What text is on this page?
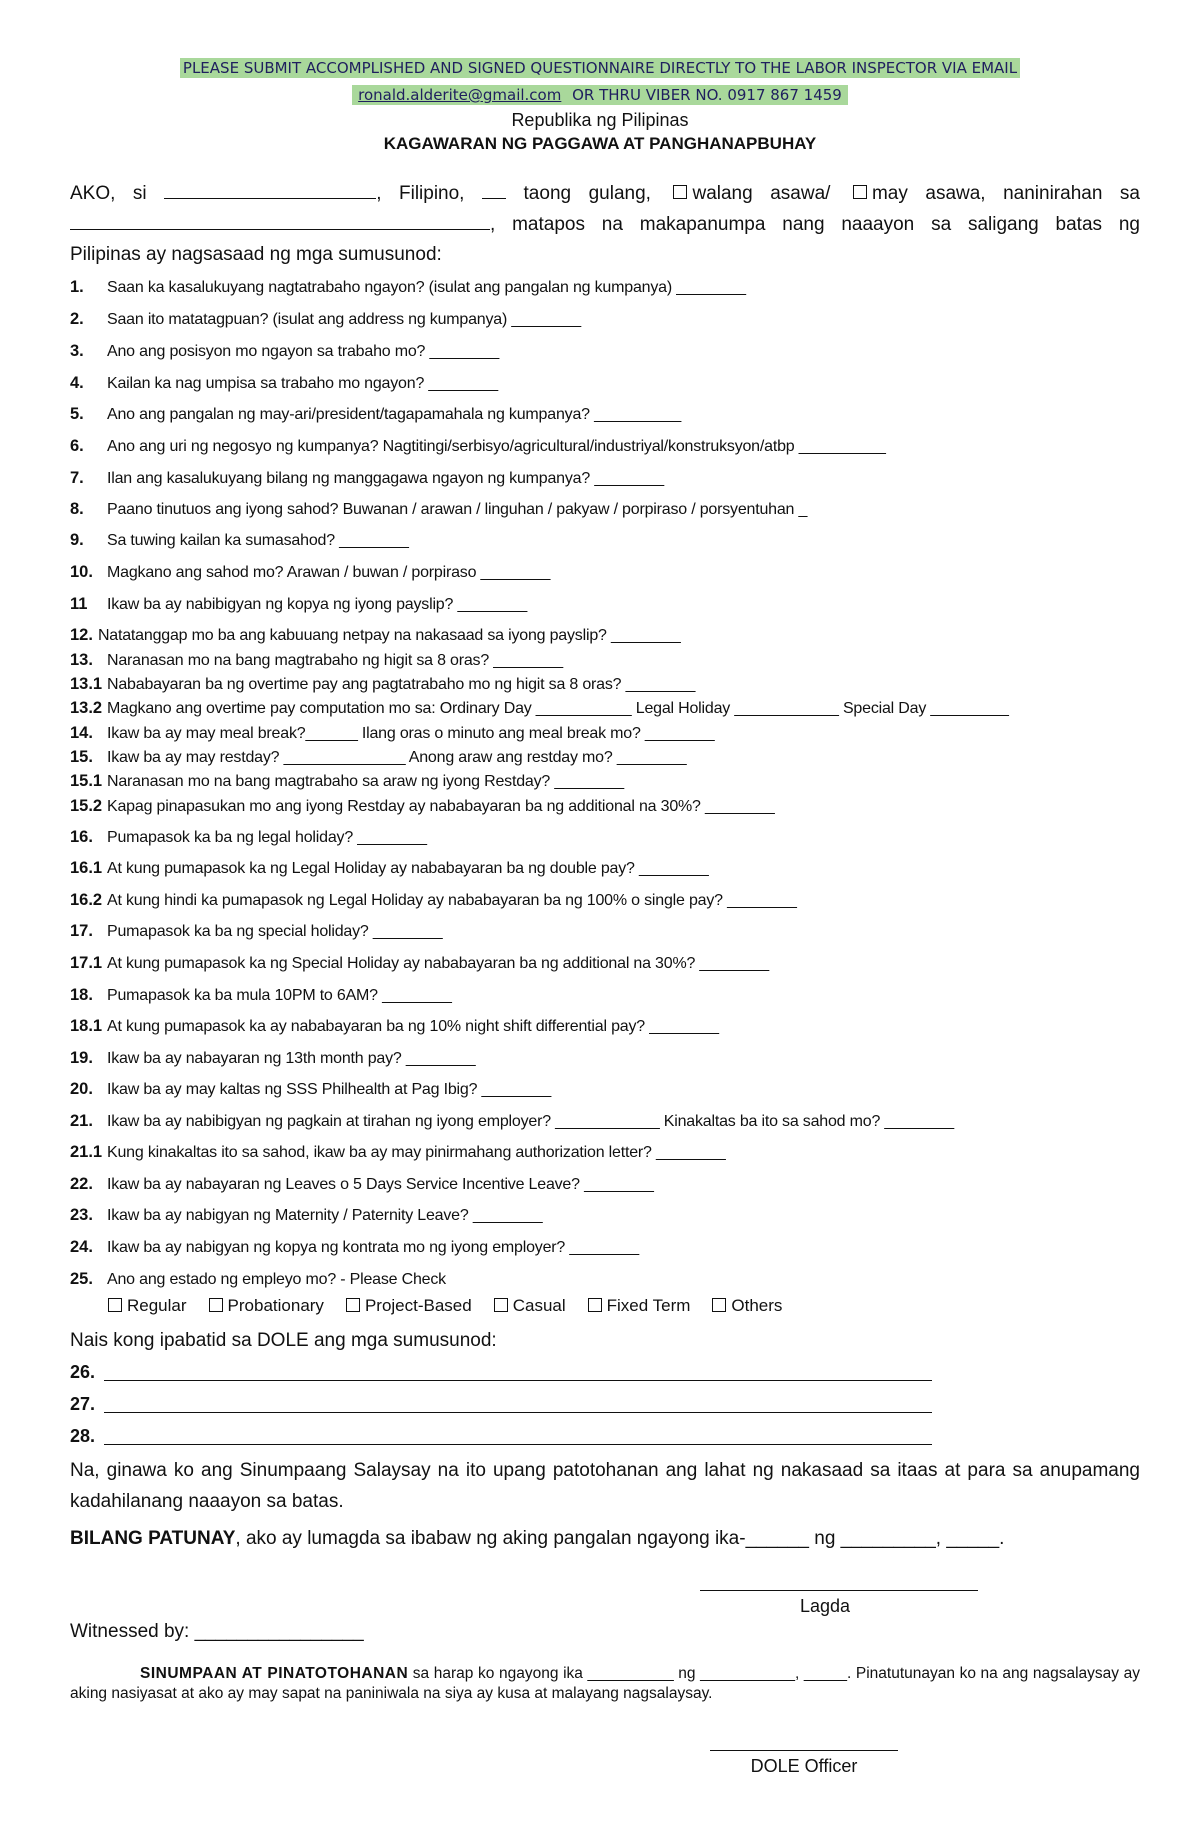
PLEASE SUBMIT ACCOMPLISHED AND SIGNED QUESTIONNAIRE DIRECTLY TO THE LABOR INSPECTOR VIA EMAIL
ronald.alderite@gmail.com OR THRU VIBER NO. 0917 867 1459
Republika ng Pilipinas
KAGAWARAN NG PAGGAWA AT PANGHANAPBUHAY
AKO, si	, Filipino,	taong gulang, walang asawa/ may asawa, naninirahan sa
, matapos na makapanumpa nang naaayon sa saligang batas ng
Pilipinas ay nagsasaad ng mga sumusunod:
1. Saan ka kasalukuyang nagtatrabaho ngayon? (isulat ang pangalan ng kumpanya) ________
2. Saan ito matatagpuan? (isulat ang address ng kumpanya) ________
3. Ano ang posisyon mo ngayon sa trabaho mo? ________
4. Kailan ka nag umpisa sa trabaho mo ngayon? ________
5. Ano ang pangalan ng may-ari/president/tagapamahala ng kumpanya? __________
6. Ano ang uri ng negosyo ng kumpanya? Nagtitingi/serbisyo/agricultural/industriyal/konstruksyon/atbp __________
7. Ilan ang kasalukuyang bilang ng manggagawa ngayon ng kumpanya? ________
8. Paano tinutuos ang iyong sahod? Buwanan / arawan / linguhan / pakyaw / porpiraso / porsyentuhan _
9. Sa tuwing kailan ka sumasahod? ________
10. Magkano ang sahod mo? Arawan / buwan / porpiraso ________
11 Ikaw ba ay nabibigyan ng kopya ng iyong payslip? ________
12. Natatanggap mo ba ang kabuuang netpay na nakasaad sa iyong payslip? ________
13. Naranasan mo na bang magtrabaho ng higit sa 8 oras? ________
13.1 Nababayaran ba ng overtime pay ang pagtatrabaho mo ng higit sa 8 oras? ________
13.2 Magkano ang overtime pay computation mo sa: Ordinary Day ___________ Legal Holiday ____________ Special Day _________
14. Ikaw ba ay may meal break?______ Ilang oras o minuto ang meal break mo? ________
15. Ikaw ba ay may restday? ______________ Anong araw ang restday mo? ________
15.1 Naranasan mo na bang magtrabaho sa araw ng iyong Restday? ________
15.2 Kapag pinapasukan mo ang iyong Restday ay nababayaran ba ng additional na 30%? ________
16. Pumapasok ka ba ng legal holiday? ________
16.1 At kung pumapasok ka ng Legal Holiday ay nababayaran ba ng double pay? ________
16.2 At kung hindi ka pumapasok ng Legal Holiday ay nababayaran ba ng 100% o single pay? ________
17. Pumapasok ka ba ng special holiday? ________
17.1 At kung pumapasok ka ng Special Holiday ay nababayaran ba ng additional na 30%? ________
18. Pumapasok ka ba mula 10PM to 6AM? ________
18.1 At kung pumapasok ka ay nababayaran ba ng 10% night shift differential pay? ________
19. Ikaw ba ay nabayaran ng 13th month pay? ________
20. Ikaw ba ay may kaltas ng SSS Philhealth at Pag Ibig? ________
21. Ikaw ba ay nabibigyan ng pagkain at tirahan ng iyong employer? ____________ Kinakaltas ba ito sa sahod mo? ________
21.1 Kung kinakaltas ito sa sahod, ikaw ba ay may pinirmahang authorization letter? ________
22. Ikaw ba ay nabayaran ng Leaves o 5 Days Service Incentive Leave? ________
23. Ikaw ba ay nabigyan ng Maternity / Paternity Leave? ________
24. Ikaw ba ay nabigyan ng kopya ng kontrata mo ng iyong employer? ________
25. Ano ang estado ng empleyo mo? - Please Check
Regular Probationary Project-Based Casual Fixed Term Others
Nais kong ipabatid sa DOLE ang mga sumusunod:
26.
27.
28.
Na, ginawa ko ang Sinumpaang Salaysay na ito upang patotohanan ang lahat ng nakasaad sa itaas at para sa anupamang kadahilanang naaayon sa batas.
BILANG PATUNAY, ako ay lumagda sa ibabaw ng aking pangalan ngayong ika-______ ng _________, _____.
Lagda
Witnessed by: ________________
SINUMPAAN AT PINATOTOHANAN sa harap ko ngayong ika __________ ng ___________, _____. Pinatutunayan ko na ang nagsalaysay ay aking nasiyasat at ako ay may sapat na paniniwala na siya ay kusa at malayang nagsalaysay.
DOLE Officer
